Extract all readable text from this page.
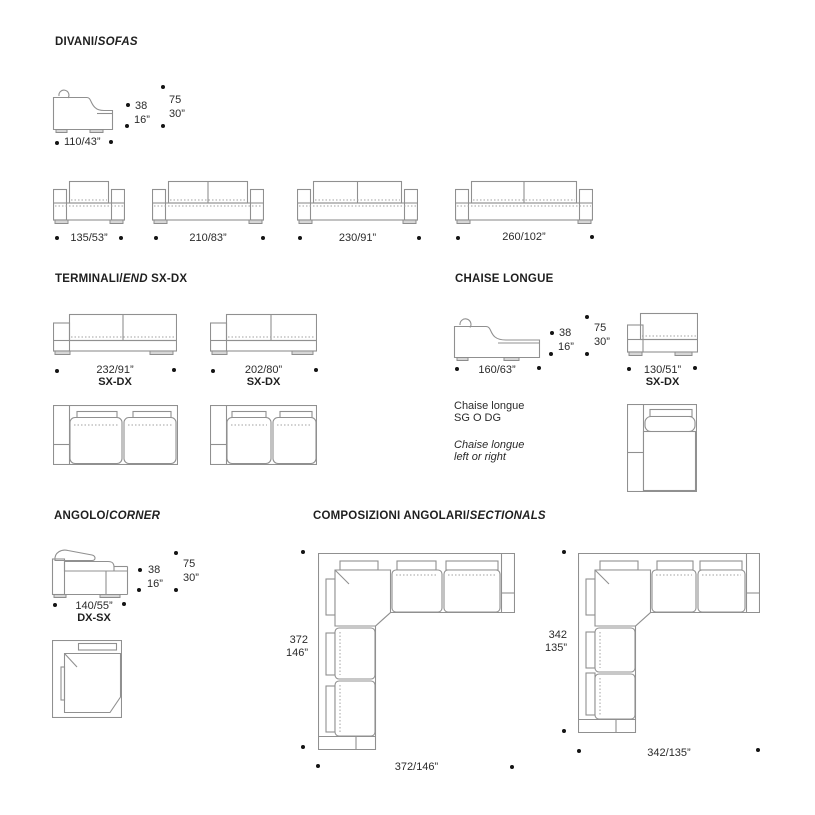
DIVANI/SOFAS
110/43”
38
16”
75
30”
135/53”	210/83”	230/91”	260/102”
TERMINALI/END SX-DX
232/91”
SX-DX
202/80”
SX-DX
CHAISE LONGUE
160/63”
38
16”
75
30”
130/51”
SX-DX
Chaise longue
SG O DG
Chaise longue
left or right
ANGOLO/CORNER
38
16”
75
30”
140/55”
DX-SX
COMPOSIZIONI ANGOLARI/SECTIONALS
372
146”
372/146”
342
135”
342/135”
